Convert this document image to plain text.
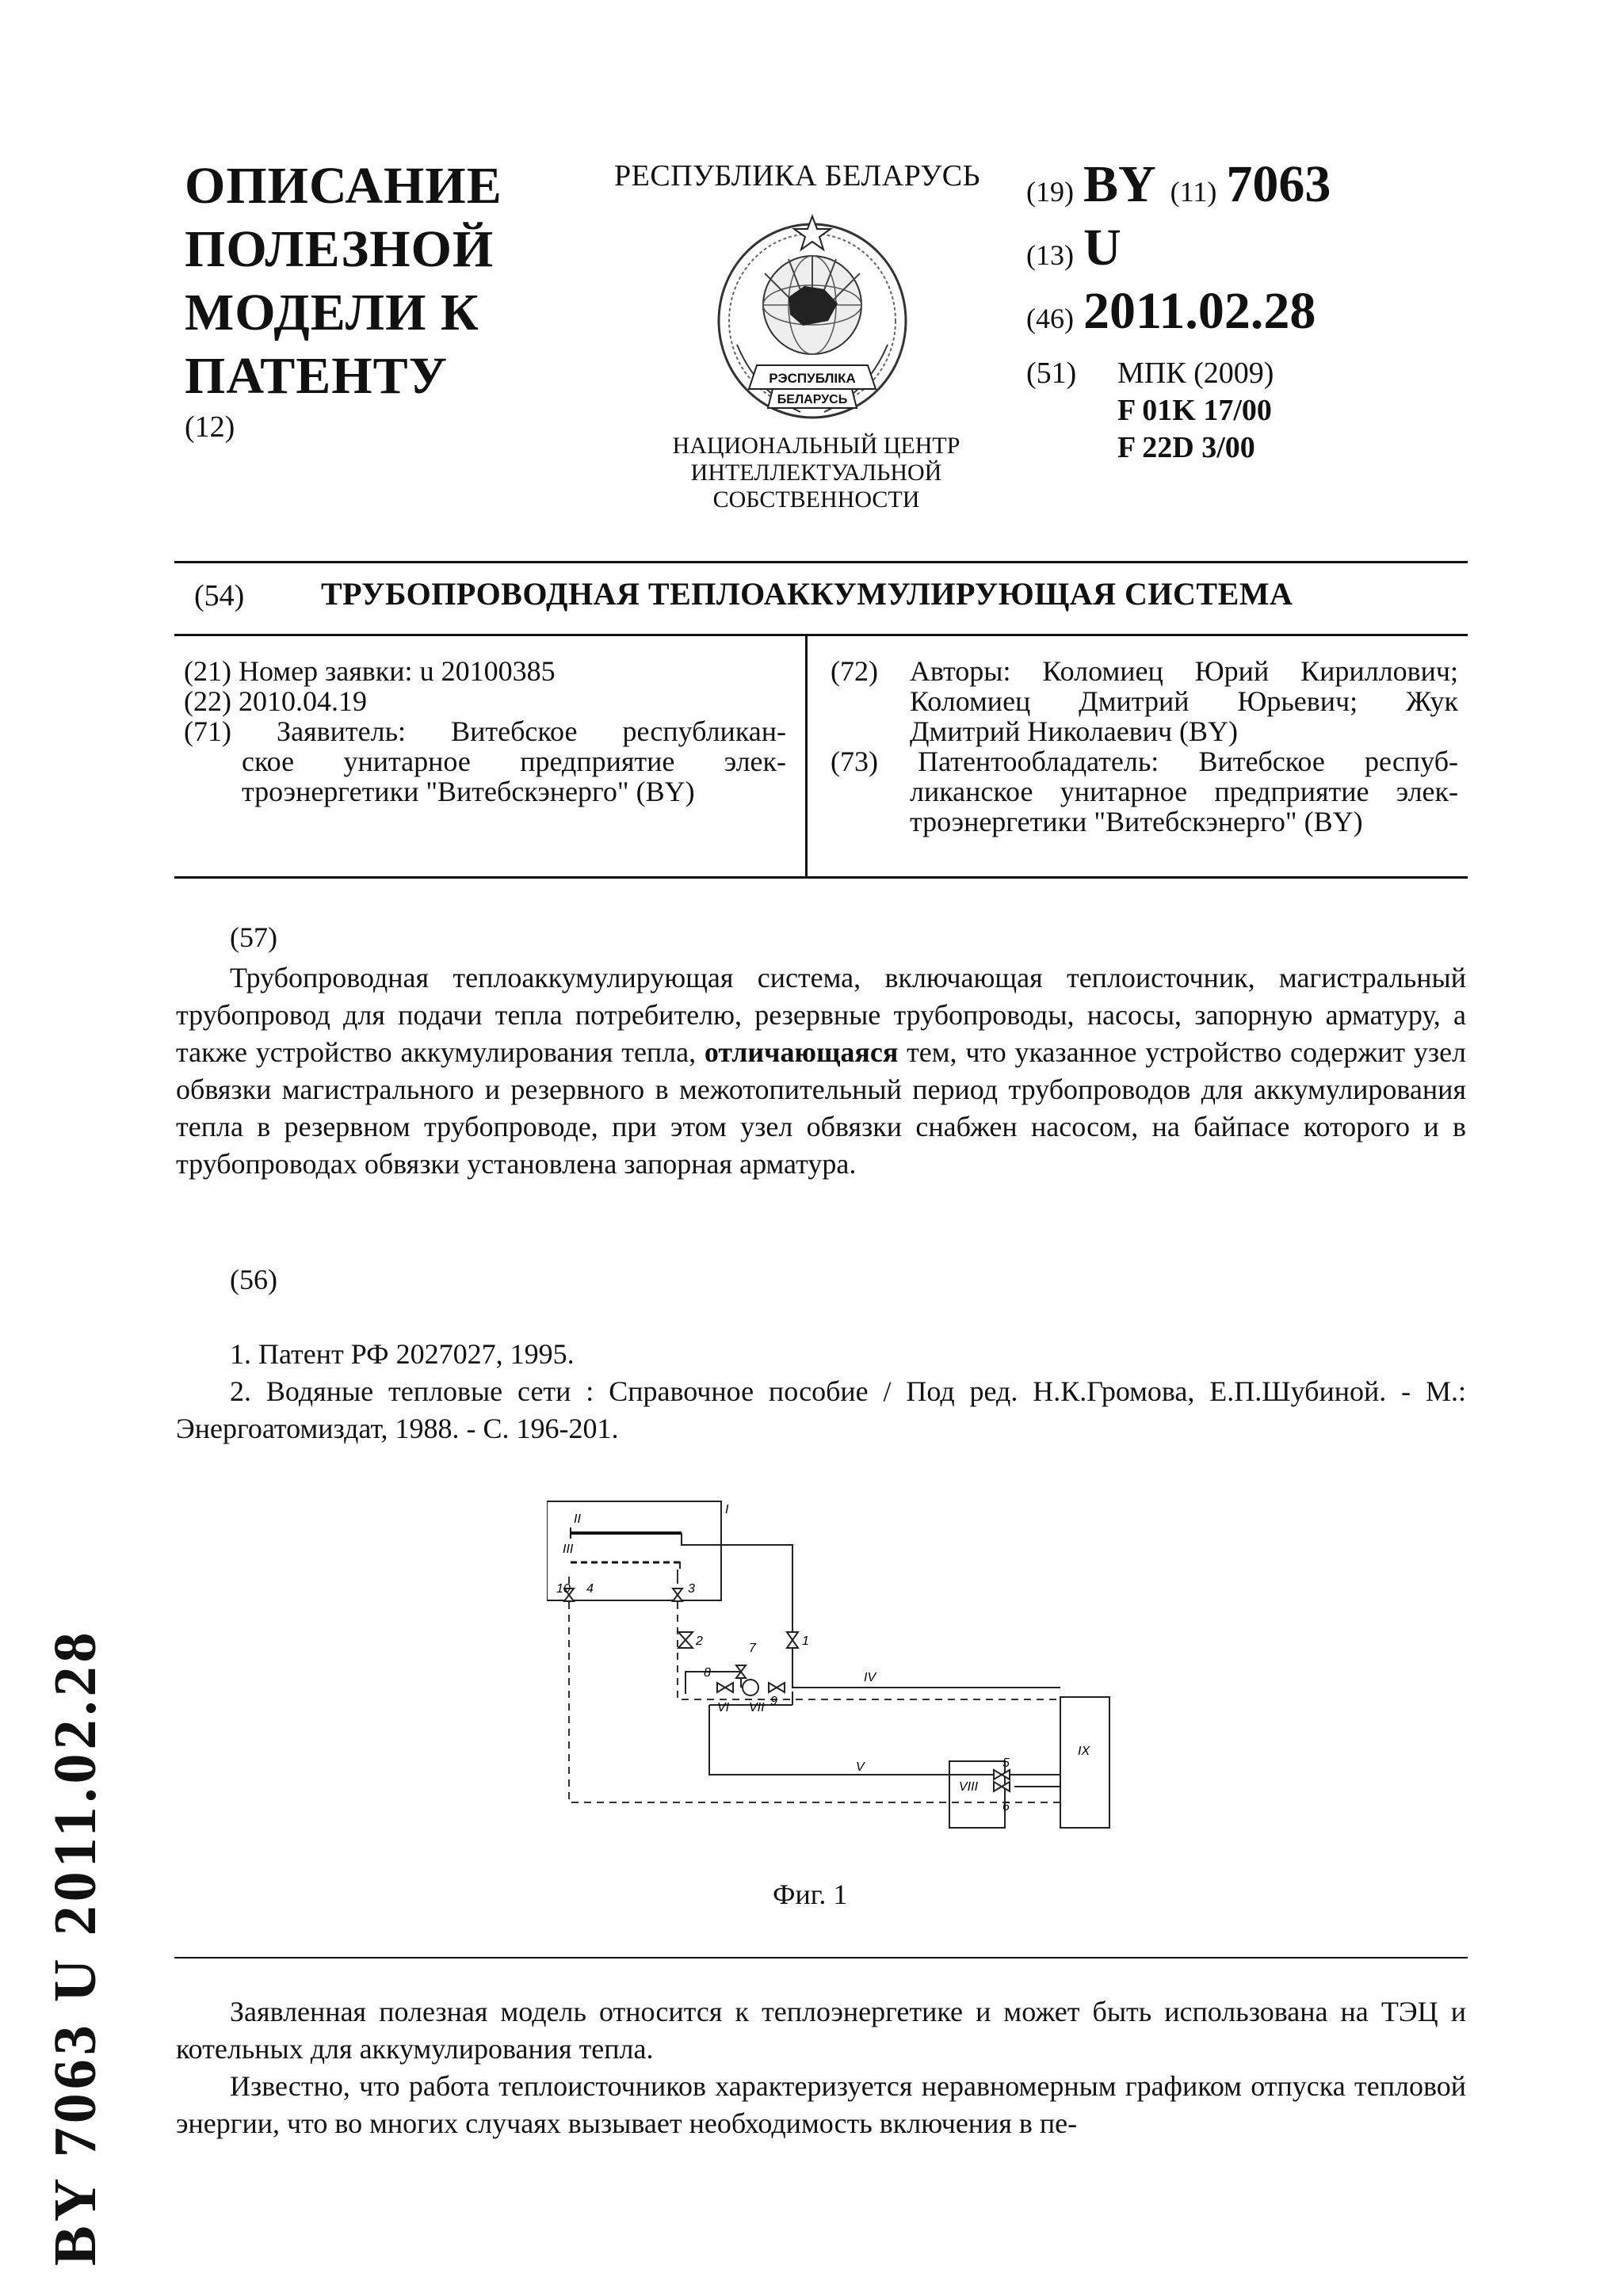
ОПИСАНИЕ
ПОЛЕЗНОЙ
МОДЕЛИ К
ПАТЕНТУ
(12)
РЕСПУБЛИКА БЕЛАРУСЬ
РЭСПУБЛІКА
БЕЛАРУСЬ
НАЦИОНАЛЬНЫЙ ЦЕНТР
ИНТЕЛЛЕКТУАЛЬНОЙ
СОБСТВЕННОСТИ
(19) BY (11) 7063
(13) U
(46) 2011.02.28
(51) МПК (2009)
F 01K 17/00
F 22D 3/00
(54) ТРУБОПРОВОДНАЯ ТЕПЛОАККУМУЛИРУЮЩАЯ СИСТЕМА

(21) Номер заявки: u 20100385

(22) 2010.04.19

(71) Заявитель: Витебское республикан-

ское унитарное предприятие элек-

троэнергетики "Витебскэнерго" (BY)

(72) Авторы: Коломиец Юрий Кириллович;

Коломиец Дмитрий Юрьевич; Жук

Дмитрий Николаевич (BY)

(73) Патентообладатель: Витебское респуб-

ликанское унитарное предприятие элек-

троэнергетики "Витебскэнерго" (BY)

(57)

Трубопроводная теплоаккумулирующая система, включающая теплоисточник, магистральный трубопровод для подачи тепла потребителю, резервные трубопроводы, насосы, запорную арматуру, а также устройство аккумулирования тепла, отличающаяся тем, что указанное устройство содержит узел обвязки магистрального и резервного в межотопительный период трубопроводов для аккумулирования тепла в резервном трубопроводе, при этом узел обвязки снабжен насосом, на байпасе которого и в трубопроводах обвязки установлена запорная арматура.

(56)

1. Патент РФ 2027027, 1995.

2. Водяные тепловые сети : Справочное пособие / Под ред. Н.К.Громова, Е.П.Шубиной. - М.: Энергоатомиздат, 1988. - С. 196-201.

I
II
III
10 4	3
1
2
7
8
9
VI VII
IV
V
VIII
5
6
IX
Фиг. 1

Заявленная полезная модель относится к теплоэнергетике и может быть использована на ТЭЦ и котельных для аккумулирования тепла.

Известно, что работа теплоисточников характеризуется неравномерным графиком отпуска тепловой энергии, что во многих случаях вызывает необходимость включения в пе-

BY 7063 U 2011.02.28
